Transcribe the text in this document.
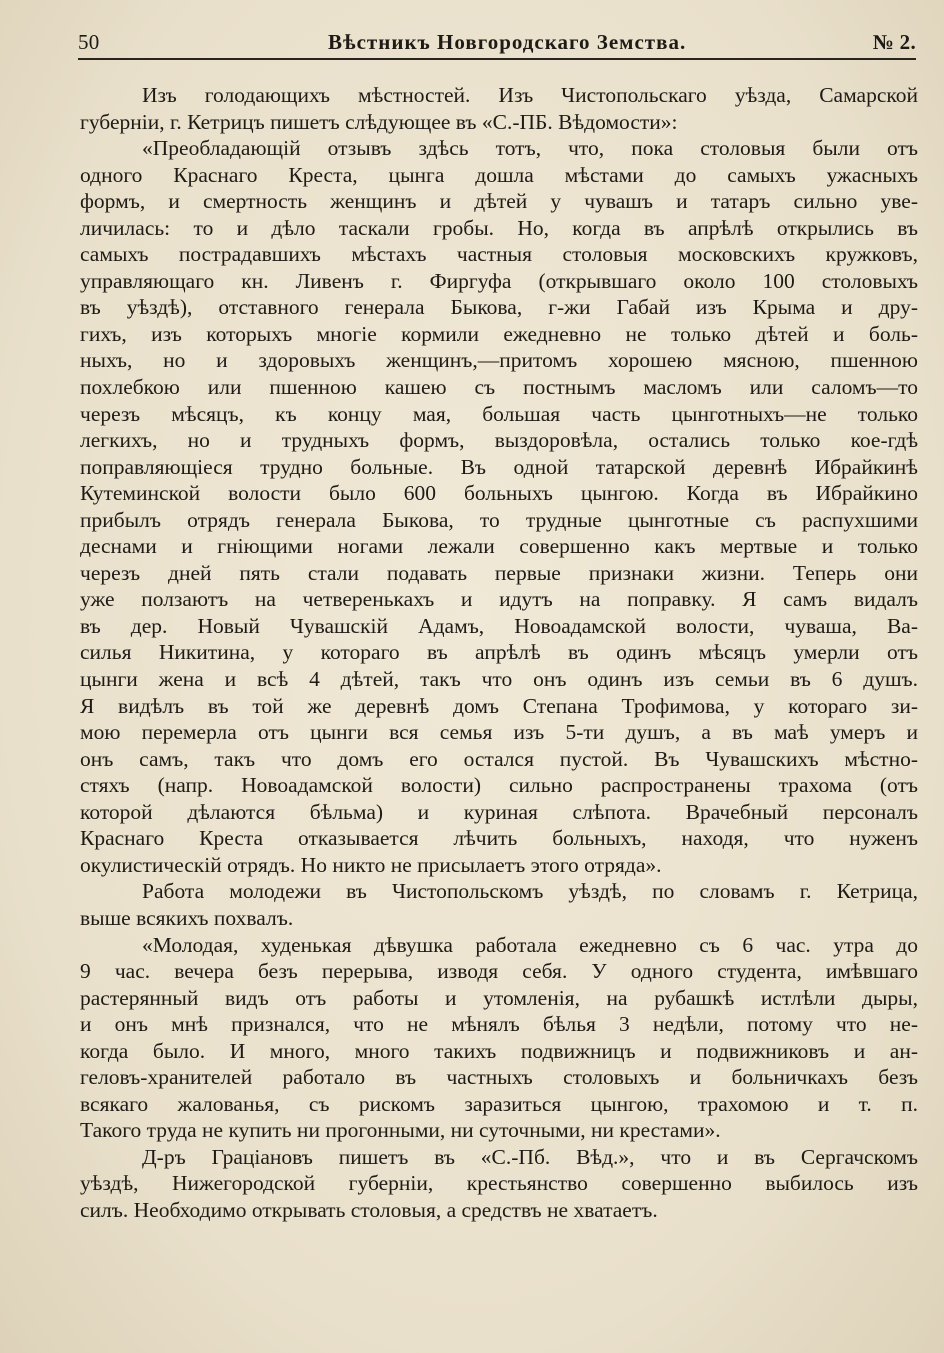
50	Вѣстникъ Новгородскаго Земства.	№ 2.
Изъ голодающихъ мѣстностей. Изъ Чистопольскаго уѣзда, Самарской
губерніи, г. Кетрицъ пишетъ слѣдующее въ «С.-ПБ. Вѣдомости»:
«Преобладающій отзывъ здѣсь тотъ, что, пока столовыя были отъ
одного Краснаго Креста, цынга дошла мѣстами до самыхъ ужасныхъ
формъ, и смертность женщинъ и дѣтей у чувашъ и татаръ сильно уве-
личилась: то и дѣло таскали гробы. Но, когда въ апрѣлѣ открылись въ
самыхъ пострадавшихъ мѣстахъ частныя столовыя московскихъ кружковъ,
управляющаго кн. Ливенъ г. Фиргуфа (открывшаго около 100 столовыхъ
въ уѣздѣ), отставного генерала Быкова, г-жи Габай изъ Крыма и дру-
гихъ, изъ которыхъ многіе кормили ежедневно не только дѣтей и боль-
ныхъ, но и здоровыхъ женщинъ,—притомъ хорошею мясною, пшенною
похлебкою или пшенною кашею съ постнымъ масломъ или саломъ—то
черезъ мѣсяцъ, къ концу мая, большая часть цынготныхъ—не только
легкихъ, но и трудныхъ формъ, выздоровѣла, остались только кое-гдѣ
поправляющіеся трудно больные. Въ одной татарской деревнѣ Ибрайкинѣ
Кутеминской волости было 600 больныхъ цынгою. Когда въ Ибрайкино
прибылъ отрядъ генерала Быкова, то трудные цынготные съ распухшими
деснами и гніющими ногами лежали совершенно какъ мертвые и только
черезъ дней пять стали подавать первые признаки жизни. Теперь они
уже ползаютъ на четверенькахъ и идутъ на поправку. Я самъ видалъ
въ дер. Новый Чувашскій Адамъ, Новоадамской волости, чуваша, Ва-
силья Никитина, у котораго въ апрѣлѣ въ одинъ мѣсяцъ умерли отъ
цынги жена и всѣ 4 дѣтей, такъ что онъ одинъ изъ семьи въ 6 душъ.
Я видѣлъ въ той же деревнѣ домъ Степана Трофимова, у котораго зи-
мою перемерла отъ цынги вся семья изъ 5-ти душъ, а въ маѣ умеръ и
онъ самъ, такъ что домъ его остался пустой. Въ Чувашскихъ мѣстно-
стяхъ (напр. Новоадамской волости) сильно распространены трахома (отъ
которой дѣлаются бѣльма) и куриная слѣпота. Врачебный персоналъ
Краснаго Креста отказывается лѣчить больныхъ, находя, что нуженъ
окулистическій отрядъ. Но никто не присылаетъ этого отряда».
Работа молодежи въ Чистопольскомъ уѣздѣ, по словамъ г. Кетрица,
выше всякихъ похвалъ.
«Молодая, худенькая дѣвушка работала ежедневно съ 6 час. утра до
9 час. вечера безъ перерыва, изводя себя. У одного студента, имѣвшаго
растерянный видъ отъ работы и утомленія, на рубашкѣ истлѣли дыры,
и онъ мнѣ признался, что не мѣнялъ бѣлья 3 недѣли, потому что не-
когда было. И много, много такихъ подвижницъ и подвижниковъ и ан-
геловъ-хранителей работало въ частныхъ столовыхъ и больничкахъ безъ
всякаго жалованья, съ рискомъ заразиться цынгою, трахомою и т. п.
Такого труда не купить ни прогонными, ни суточными, ни крестами».
Д-ръ Граціановъ пишетъ въ «С.-Пб. Вѣд.», что и въ Сергачскомъ
уѣздѣ, Нижегородской губерніи, крестьянство совершенно выбилось изъ
силъ. Необходимо открывать столовыя, а средствъ не хватаетъ.
